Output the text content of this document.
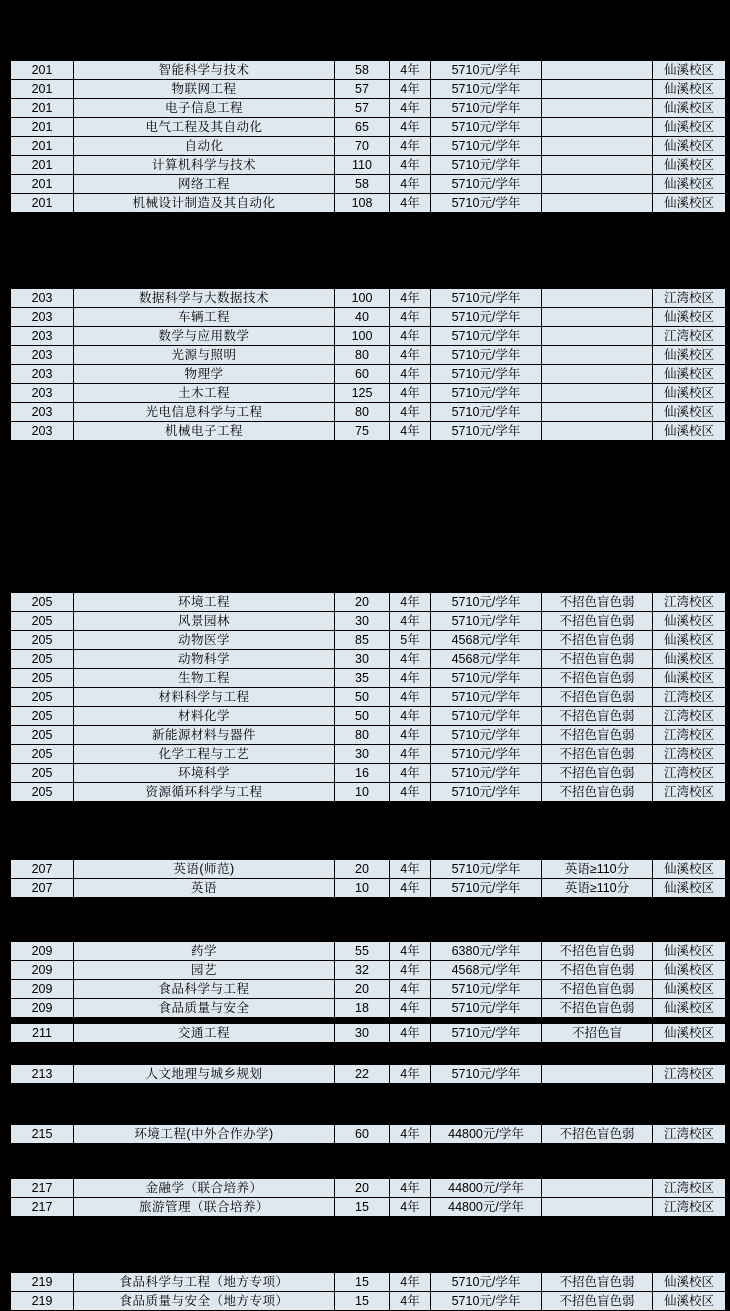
201	智能科学与技术	58	4年	5710元/学年		仙溪校区
201	物联网工程	57	4年	5710元/学年		仙溪校区
201	电子信息工程	57	4年	5710元/学年		仙溪校区
201	电气工程及其自动化	65	4年	5710元/学年		仙溪校区
201	自动化	70	4年	5710元/学年		仙溪校区
201	计算机科学与技术	110	4年	5710元/学年		仙溪校区
201	网络工程	58	4年	5710元/学年		仙溪校区
201	机械设计制造及其自动化	108	4年	5710元/学年		仙溪校区
203	数据科学与大数据技术	100	4年	5710元/学年		江湾校区
203	车辆工程	40	4年	5710元/学年		仙溪校区
203	数学与应用数学	100	4年	5710元/学年		江湾校区
203	光源与照明	80	4年	5710元/学年		仙溪校区
203	物理学	60	4年	5710元/学年		仙溪校区
203	土木工程	125	4年	5710元/学年		仙溪校区
203	光电信息科学与工程	80	4年	5710元/学年		仙溪校区
203	机械电子工程	75	4年	5710元/学年		仙溪校区
205	环境工程	20	4年	5710元/学年	不招色盲色弱	江湾校区
205	风景园林	30	4年	5710元/学年	不招色盲色弱	仙溪校区
205	动物医学	85	5年	4568元/学年	不招色盲色弱	仙溪校区
205	动物科学	30	4年	4568元/学年	不招色盲色弱	仙溪校区
205	生物工程	35	4年	5710元/学年	不招色盲色弱	仙溪校区
205	材料科学与工程	50	4年	5710元/学年	不招色盲色弱	江湾校区
205	材料化学	50	4年	5710元/学年	不招色盲色弱	江湾校区
205	新能源材料与器件	80	4年	5710元/学年	不招色盲色弱	江湾校区
205	化学工程与工艺	30	4年	5710元/学年	不招色盲色弱	江湾校区
205	环境科学	16	4年	5710元/学年	不招色盲色弱	江湾校区
205	资源循环科学与工程	10	4年	5710元/学年	不招色盲色弱	江湾校区
207	英语(师范)	20	4年	5710元/学年	英语≥110分	仙溪校区
207	英语	10	4年	5710元/学年	英语≥110分	仙溪校区
209	药学	55	4年	6380元/学年	不招色盲色弱	仙溪校区
209	园艺	32	4年	4568元/学年	不招色盲色弱	仙溪校区
209	食品科学与工程	20	4年	5710元/学年	不招色盲色弱	仙溪校区
209	食品质量与安全	18	4年	5710元/学年	不招色盲色弱	仙溪校区
211	交通工程	30	4年	5710元/学年	不招色盲	仙溪校区
213	人文地理与城乡规划	22	4年	5710元/学年		江湾校区
215	环境工程(中外合作办学)	60	4年	44800元/学年	不招色盲色弱	江湾校区
217	金融学（联合培养）	20	4年	44800元/学年		江湾校区
217	旅游管理（联合培养）	15	4年	44800元/学年		江湾校区
219	食品科学与工程（地方专项）	15	4年	5710元/学年	不招色盲色弱	仙溪校区
219	食品质量与安全（地方专项）	15	4年	5710元/学年	不招色盲色弱	仙溪校区
